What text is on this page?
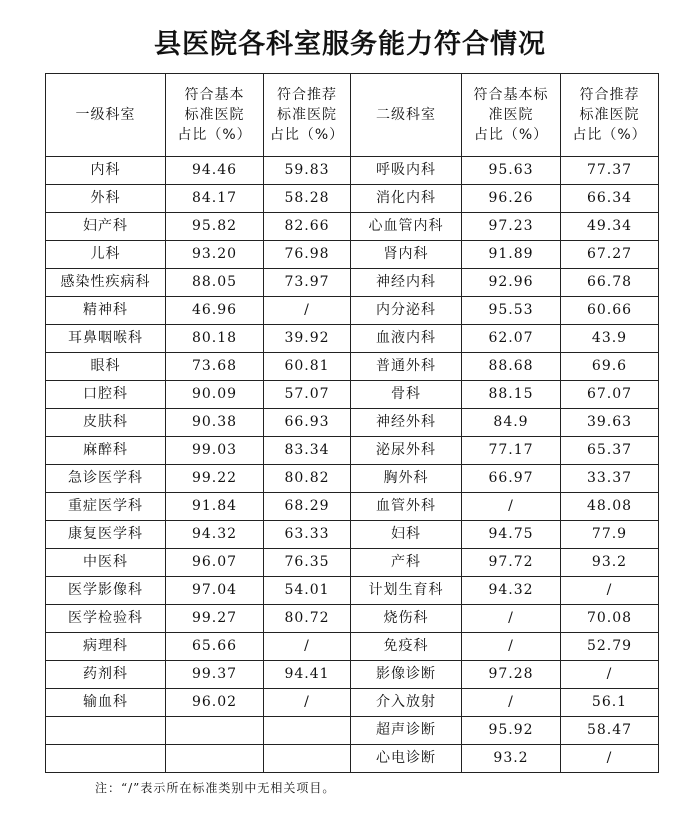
县医院各科室服务能力符合情况
一级科室	符合基本
标准医院
占比（%）	符合推荐
标准医院
占比（%）	二级科室	符合基本标
准医院
占比（%）	符合推荐
标准医院
占比（%）
内科	94.46	59.83	呼吸内科	95.63	77.37
外科	84.17	58.28	消化内科	96.26	66.34
妇产科	95.82	82.66	心血管内科	97.23	49.34
儿科	93.20	76.98	肾内科	91.89	67.27
感染性疾病科	88.05	73.97	神经内科	92.96	66.78
精神科	46.96	/	内分泌科	95.53	60.66
耳鼻咽喉科	80.18	39.92	血液内科	62.07	43.9
眼科	73.68	60.81	普通外科	88.68	69.6
口腔科	90.09	57.07	骨科	88.15	67.07
皮肤科	90.38	66.93	神经外科	84.9	39.63
麻醉科	99.03	83.34	泌尿外科	77.17	65.37
急诊医学科	99.22	80.82	胸外科	66.97	33.37
重症医学科	91.84	68.29	血管外科	/	48.08
康复医学科	94.32	63.33	妇科	94.75	77.9
中医科	96.07	76.35	产科	97.72	93.2
医学影像科	97.04	54.01	计划生育科	94.32	/
医学检验科	99.27	80.72	烧伤科	/	70.08
病理科	65.66	/	免疫科	/	52.79
药剂科	99.37	94.41	影像诊断	97.28	/
输血科	96.02	/	介入放射	/	56.1
			超声诊断	95.92	58.47
			心电诊断	93.2	/
注：“/”表示所在标准类别中无相关项目。
